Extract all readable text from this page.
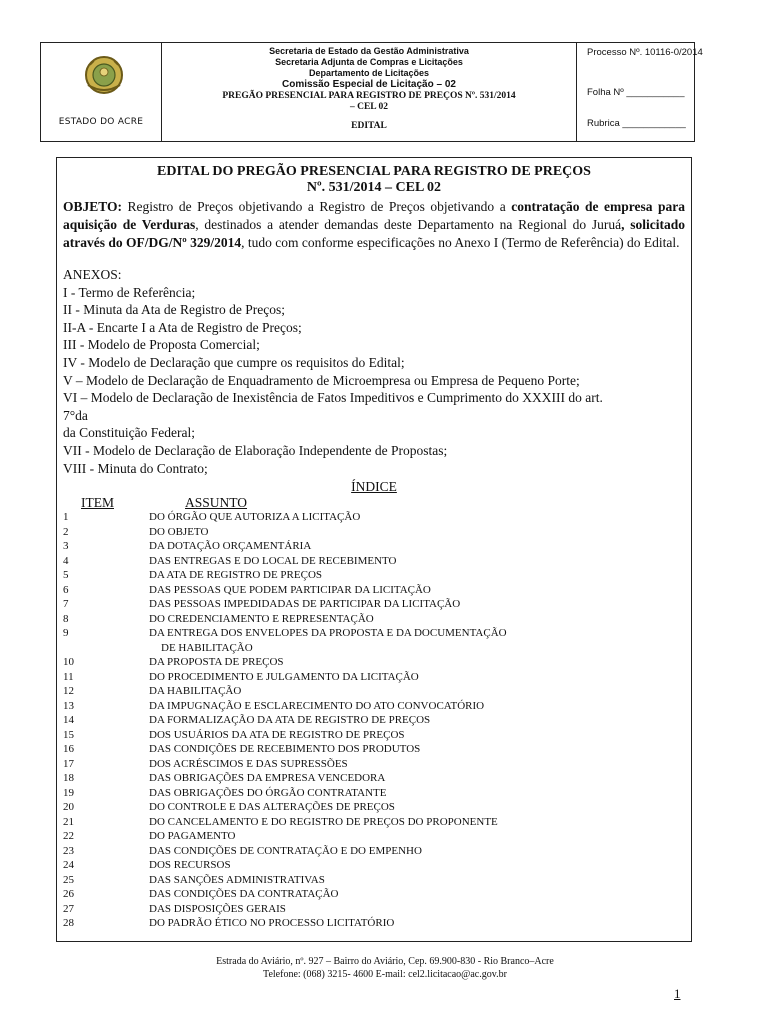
ESTADO DO ACRE
Secretaria de Estado da Gestão Administrativa
Secretaria Adjunta de Compras e Licitações
Departamento de Licitações
Comissão Especial de Licitação – 02
PREGÃO PRESENCIAL PARA REGISTRO DE PREÇOS Nº. 531/2014
– CEL 02
EDITAL
Processo Nº. 10116-0/2014
Folha Nº ___________
Rubrica ____________
EDITAL DO PREGÃO PRESENCIAL PARA REGISTRO DE PREÇOS
Nº. 531/2014 – CEL 02
OBJETO: Registro de Preços objetivando a Registro de Preços objetivando a contratação de empresa para aquisição de Verduras, destinados a atender demandas deste Departamento na Regional do Juruá, solicitado através do OF/DG/Nº 329/2014, tudo com conforme especificações no Anexo I (Termo de Referência) do Edital.
ANEXOS:
I - Termo de Referência;
II - Minuta da Ata de Registro de Preços;
II-A - Encarte I a Ata de Registro de Preços;
III - Modelo de Proposta Comercial;
IV - Modelo de Declaração que cumpre os requisitos do Edital;
V – Modelo de Declaração de Enquadramento de Microempresa ou Empresa de Pequeno Porte;
VI – Modelo de Declaração de Inexistência de Fatos Impeditivos e Cumprimento do XXXIII do art.
7°da
da Constituição Federal;
VII - Modelo de Declaração de Elaboração Independente de Propostas;
VIII - Minuta do Contrato;
ÍNDICE
ITEM	ASSUNTO
1	DO ÓRGÃO QUE AUTORIZA A LICITAÇÃO
2	DO OBJETO
3	DA DOTAÇÃO ORÇAMENTÁRIA
4	DAS ENTREGAS E DO LOCAL DE RECEBIMENTO
5	DA ATA DE REGISTRO DE PREÇOS
6	DAS PESSOAS QUE PODEM PARTICIPAR DA LICITAÇÃO
7	DAS PESSOAS IMPEDIDADAS DE PARTICIPAR DA LICITAÇÃO
8	DO CREDENCIAMENTO E REPRESENTAÇÃO
9	DA ENTREGA DOS ENVELOPES DA PROPOSTA E DA DOCUMENTAÇÃO
DE HABILITAÇÃO
10	DA PROPOSTA DE PREÇOS
11	DO PROCEDIMENTO E JULGAMENTO DA LICITAÇÃO
12	DA HABILITAÇÃO
13	DA IMPUGNAÇÃO E ESCLARECIMENTO DO ATO CONVOCATÓRIO
14	DA FORMALIZAÇÃO DA ATA DE REGISTRO DE PREÇOS
15	DOS USUÁRIOS DA ATA DE REGISTRO DE PREÇOS
16	DAS CONDIÇÕES DE RECEBIMENTO DOS PRODUTOS
17	DOS ACRÉSCIMOS E DAS SUPRESSÕES
18	DAS OBRIGAÇÕES DA EMPRESA VENCEDORA
19	DAS OBRIGAÇÕES DO ÓRGÃO CONTRATANTE
20	DO CONTROLE E DAS ALTERAÇÕES DE PREÇOS
21	DO CANCELAMENTO E DO REGISTRO DE PREÇOS DO PROPONENTE
22	DO PAGAMENTO
23	DAS CONDIÇÕES DE CONTRATAÇÃO E DO EMPENHO
24	DOS RECURSOS
25	DAS SANÇÕES ADMINISTRATIVAS
26	DAS CONDIÇÕES DA CONTRATAÇÃO
27	DAS DISPOSIÇÕES GERAIS
28	DO PADRÃO ÉTICO NO PROCESSO LICITATÓRIO
Estrada do Aviário, nº. 927 – Bairro do Aviário, Cep. 69.900-830 - Rio Branco–Acre
Telefone: (068) 3215- 4600 E-mail: cel2.licitacao@ac.gov.br
1
